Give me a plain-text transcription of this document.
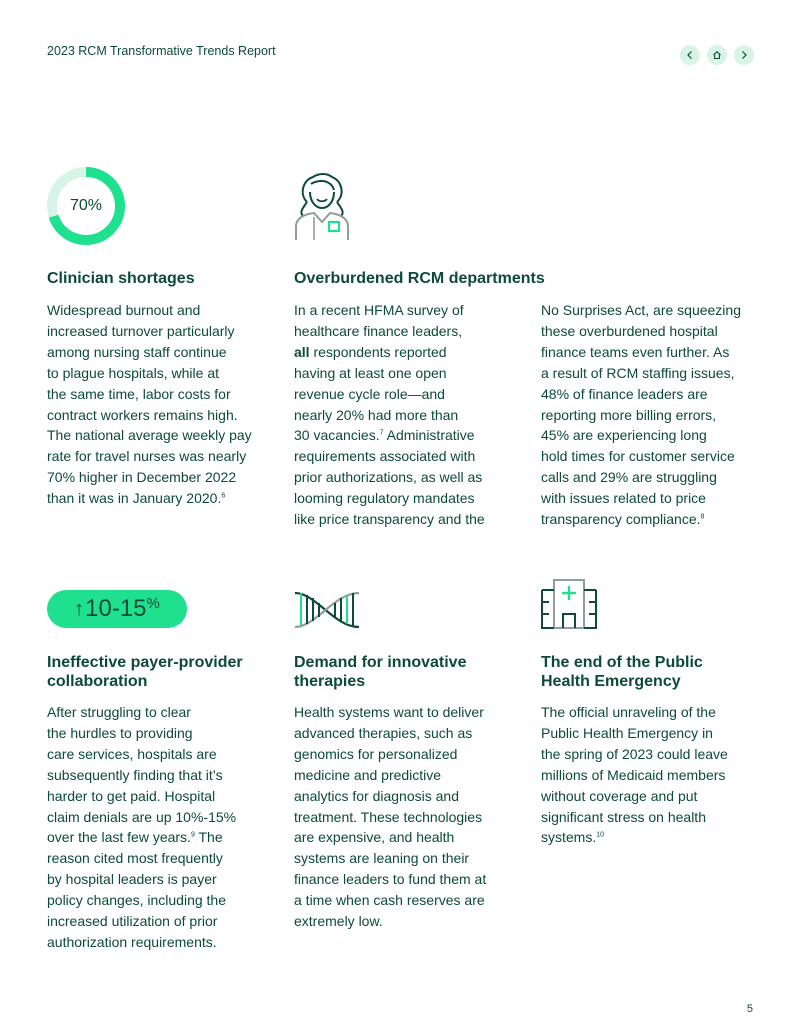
2023 RCM Transformative Trends Report
70%
Clinician shortages
Widespread burnout and
increased turnover particularly
among nursing staff continue
to plague hospitals, while at
the same time, labor costs for
contract workers remains high.
The national average weekly pay
rate for travel nurses was nearly
70% higher in December 2022
than it was in January 2020.$^6$
Overburdened RCM departments
In a recent HFMA survey of
healthcare finance leaders,
all respondents reported
having at least one open
revenue cycle role—and
nearly 20% had more than
30 vacancies.$^7$ Administrative
requirements associated with
prior authorizations, as well as
looming regulatory mandates
like price transparency and the
No Surprises Act, are squeezing
these overburdened hospital
finance teams even further. As
a result of RCM staffing issues,
48% of finance leaders are
reporting more billing errors,
45% are experiencing long
hold times for customer service
calls and 29% are struggling
with issues related to price
transparency compliance.$^8$
↑ 10-15 %
Ineffective payer-provider
collaboration
After struggling to clear
the hurdles to providing
care services, hospitals are
subsequently finding that it’s
harder to get paid. Hospital
claim denials are up 10%-15%
over the last few years.$^9$ The
reason cited most frequently
by hospital leaders is payer
policy changes, including the
increased utilization of prior
authorization requirements.
Demand for innovative
therapies
Health systems want to deliver
advanced therapies, such as
genomics for personalized
medicine and predictive
analytics for diagnosis and
treatment. These technologies
are expensive, and health
systems are leaning on their
finance leaders to fund them at
a time when cash reserves are
extremely low.
The end of the Public
Health Emergency
The official unraveling of the
Public Health Emergency in
the spring of 2023 could leave
millions of Medicaid members
without coverage and put
significant stress on health
systems.$^{10}$
5
